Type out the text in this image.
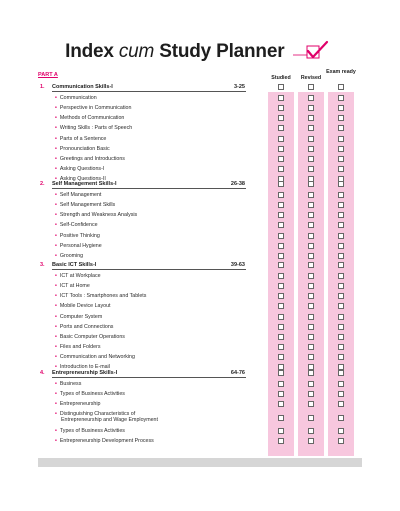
Index cum Study Planner
PART A	Studied	Revised
Exam ready
1. Communication Skills-I	3-25
• Communication
• Perspective in Communication
• Methods of Communication
• Writing Skills : Parts of Speech
• Parts of a Sentence
• Pronounciation Basic
• Greetings and Introductions
• Asking Questions-I
• Asking Questions-II
2. Self Management Skills-I	26-38
• Self Management
• Self Management Skills
• Strength and Weakness Analysis
• Self-Confidence
• Positive Thinking
• Personal Hygiene
• Grooming
3. Basic ICT Skills-I	39-63
• ICT at Workplace
• ICT at Home
• ICT Tools : Smartphones and Tablets
• Mobile Device Layout
• Computer System
• Ports and Connections
• Basic Computer Operations
• Files and Folders
• Communication and Networking
• Introduction to E-mail
4. Entrepreneurship Skills-I	64-76
• Business
• Types of Business Activities
• Entrepreneurship
• Distinguishing Characteristics of
Entrepreneurship and Wage Employment
• Types of Business Activities
• Entrepreneurship Development Process
